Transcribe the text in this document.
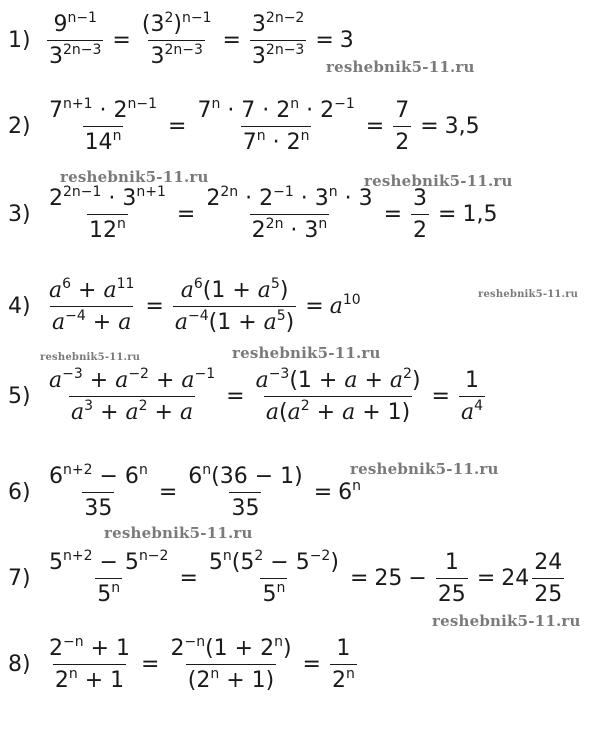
$1) \frac{9^{n-1}}{3^{2n-3}} = \frac{(3^2)^{n-1}}{3^{2n-3}} = \frac{3^{2n-2}}{3^{2n-3}} = 3$
$2) \frac{7^{n+1} \cdot 2^{n-1}}{14^n} = \frac{7^n \cdot 7 \cdot 2^n \cdot 2^{-1}}{7^n \cdot 2^n} = \frac{7}{2} = 3,5$
$3) \frac{2^{2n-1} \cdot 3^{n+1}}{12^n} = \frac{2^{2n} \cdot 2^{-1} \cdot 3^n \cdot 3}{2^{2n} \cdot 3^n} = \frac{3}{2} = 1,5$
$4) \frac{a^6 + a^{11}}{a^{-4} + a} = \frac{a^6(1 + a^5)}{a^{-4}(1 + a^5)} = a^{10}$
$5) \frac{a^{-3} + a^{-2} + a^{-1}}{a^3 + a^2 + a} = \frac{a^{-3}(1 + a + a^2)}{a(a^2 + a + 1)} = \frac{1}{a^4}$
$6) \frac{6^{n+2} - 6^n}{35} = \frac{6^n(36 - 1)}{35} = 6^n$
$7) \frac{5^{n+2} - 5^{n-2}}{5^n} = \frac{5^n(5^2 - 5^{-2})}{5^n} = 25 - \frac{1}{25} = 24 \frac{24}{25}$
$8) \frac{2^{-n} + 1}{2^n + 1} = \frac{2^{-n}(1 + 2^n)}{(2^n + 1)} = \frac{1}{2^n}$
reshebnik5-11.ru
reshebnik5-11.ru	reshebnik5-11.ru
reshebnik5-11.ru
reshebnik5-11.ru	reshebnik5-11.ru
reshebnik5-11.ru
reshebnik5-11.ru
reshebnik5-11.ru
